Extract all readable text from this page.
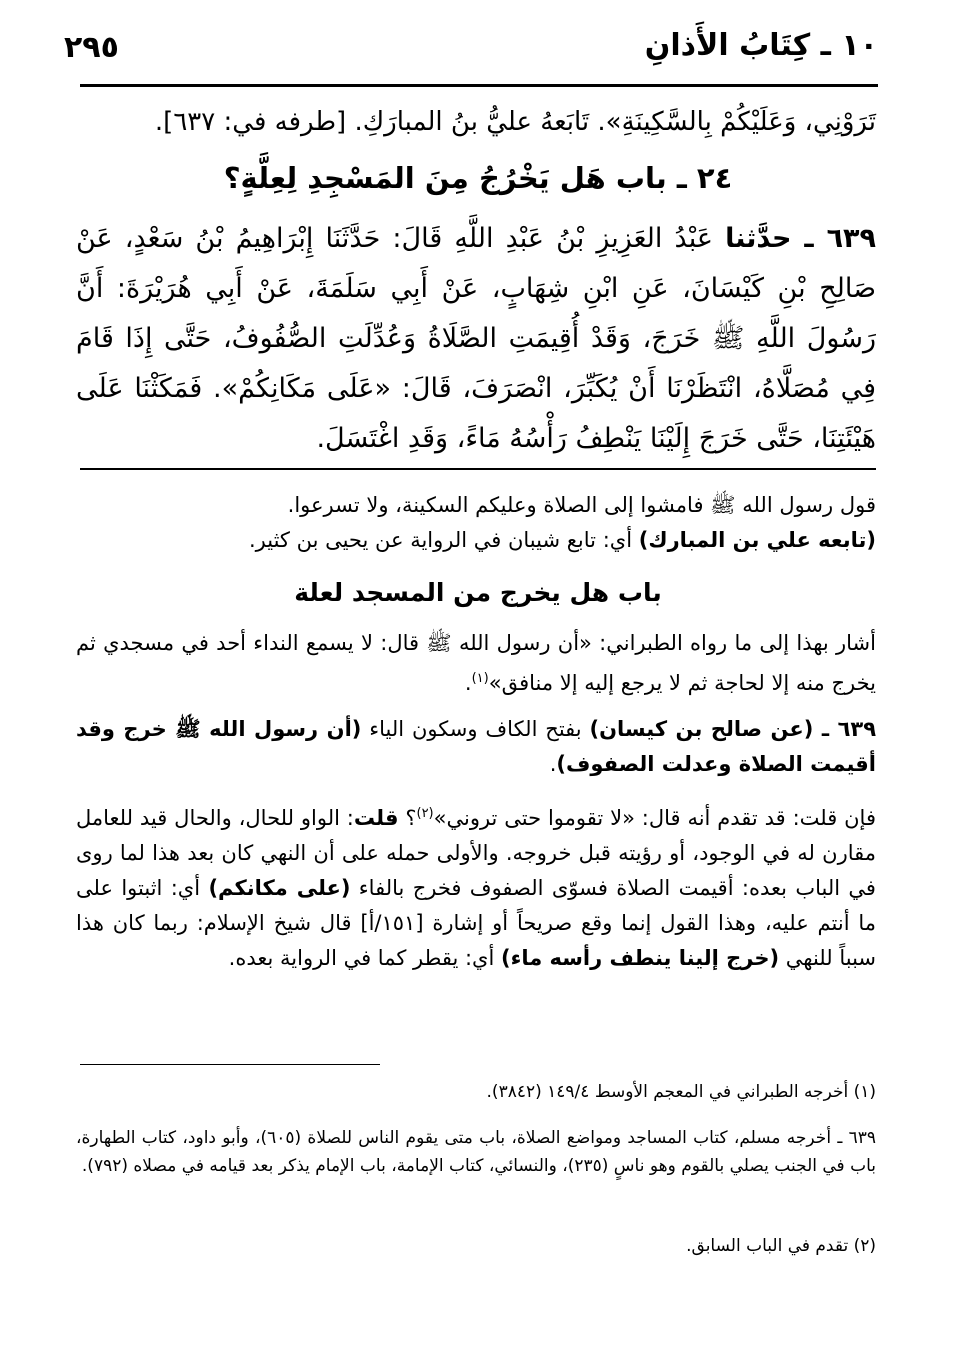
٢٩٥	١٠ ـ كِتَابُ الأَذانِ
تَرَوْنِي، وَعَلَيْكُمْ بِالسَّكِينَةِ». تَابَعهُ عليُّ بنُ المبارَكِ. [طرفه في: ٦٣٧].
٢٤ ـ باب هَل يَخْرُجُ مِنَ المَسْجِدِ لِعِلَّةٍ؟
٦٣٩ ـ حدَّثنا عَبْدُ العَزِيزِ بْنُ عَبْدِ اللَّهِ قَالَ: حَدَّثَنَا إِبْرَاهِيمُ بْنُ سَعْدٍ، عَنْ صَالِحِ بْنِ كَيْسَانَ، عَنِ ابْنِ شِهَابٍ، عَنْ أَبِي سَلَمَةَ، عَنْ أَبِي هُرَيْرَةَ: أَنَّ رَسُولَ اللَّهِ ﷺ خَرَجَ، وَقَدْ أُقِيمَتِ الصَّلَاةُ وَعُدِّلَتِ الصُّفُوفُ، حَتَّى إِذَا قَامَ فِي مُصَلَّاهُ، انْتَظَرْنَا أَنْ يُكَبِّرَ، انْصَرَفَ، قَالَ: «عَلَى مَكَانِكُمْ». فَمَكَثْنَا عَلَى هَيْئَتِنَا، حَتَّى خَرَجَ إِلَيْنَا يَنْطِفُ رَأْسُهُ مَاءً، وَقَدِ اغْتَسَلَ.

قول رسول الله ﷺ فامشوا إلى الصلاة وعليكم السكينة، ولا تسرعوا.

(تابعه علي بن المبارك) أي: تابع شيبان في الرواية عن يحيى بن كثير.

باب هل يخرج من المسجد لعلة

أشار بهذا إلى ما رواه الطبراني: «أن رسول الله ﷺ قال: لا يسمع النداء أحد في مسجدي ثم يخرج منه إلا لحاجة ثم لا يرجع إليه إلا منافق»$^{(١)}$.

٦٣٩ ـ (عن صالح بن كيسان) بفتح الكاف وسكون الياء (أن رسول الله ﷺ خرج وقد أقيمت الصلاة وعدلت الصفوف).

فإن قلت: قد تقدم أنه قال: «لا تقوموا حتى تروني»$^{(٢)}$؟ قلت: الواو للحال، والحال قيد للعامل مقارن له في الوجود، أو رؤيته قبل خروجه. والأولى حمله على أن النهي كان بعد هذا لما روى في الباب بعده: أقيمت الصلاة فسوّى الصفوف فخرج بالفاء (على مكانكم) أي: اثبتوا على ما أنتم عليه، وهذا القول إنما وقع صريحاً أو إشارة [١٥١/أ] قال شيخ الإسلام: ربما كان هذا سبباً للنهي (خرج إلينا ينطف رأسه ماء) أي: يقطر كما في الرواية بعده.

(١) أخرجه الطبراني في المعجم الأوسط ١٤٩/٤ (٣٨٤٢).
٦٣٩ ـ أخرجه مسلم، كتاب المساجد ومواضع الصلاة، باب متى يقوم الناس للصلاة (٦٠٥)، وأبو داود، كتاب الطهارة، باب في الجنب يصلي بالقوم وهو ناسٍ (٢٣٥)، والنسائي، كتاب الإمامة، باب الإمام يذكر بعد قيامه في مصلاه (٧٩٢).
(٢) تقدم في الباب السابق.
